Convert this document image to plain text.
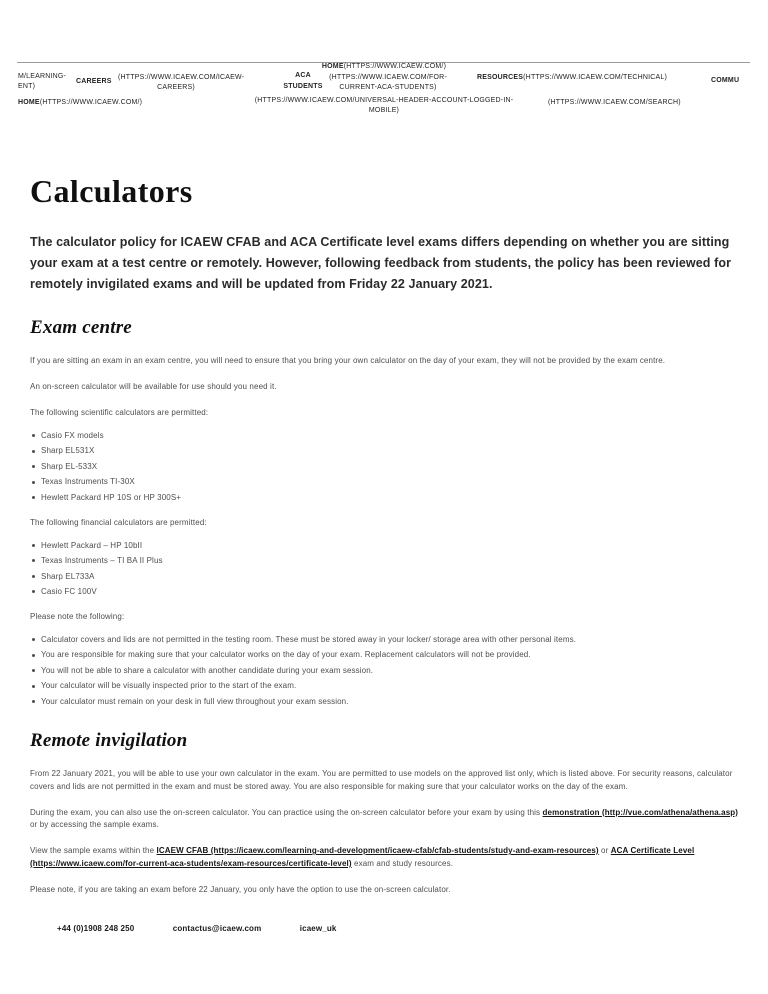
HOME(HTTPS://WWW.ICAEW.COM/)
M/LEARNING-
ENT)
CAREERS
(HTTPS://WWW.ICAEW.COM/ICAEW-
CAREERS)
ACA
STUDENTS
(HTTPS://WWW.ICAEW.COM/FOR-
CURRENT-ACA-STUDENTS)
RESOURCES(HTTPS://WWW.ICAEW.COM/TECHNICAL)	COMMU
HOME(HTTPS://WWW.ICAEW.COM/)	(HTTPS://WWW.ICAEW.COM/UNIVERSAL-HEADER-ACCOUNT-LOGGED-IN-
MOBILE)
(HTTPS://WWW.ICAEW.COM/SEARCH)
Calculators

The calculator policy for ICAEW CFAB and ACA Certificate level exams differs depending on whether you are sitting your exam at a test centre or remotely. However, following feedback from students, the policy has been reviewed for remotely invigilated exams and will be updated from Friday 22 January 2021.

Exam centre

If you are sitting an exam in an exam centre, you will need to ensure that you bring your own calculator on the day of your exam, they will not be provided by the exam centre.

An on-screen calculator will be available for use should you need it.

The following scientific calculators are permitted:

Casio FX models
Sharp EL531X
Sharp EL-533X
Texas Instruments TI-30X
Hewlett Packard HP 10S or HP 300S+

The following financial calculators are permitted:

Hewlett Packard – HP 10bII
Texas Instruments – TI BA II Plus
Sharp EL733A
Casio FC 100V

Please note the following:

Calculator covers and lids are not permitted in the testing room. These must be stored away in your locker/ storage area with other personal items.
You are responsible for making sure that your calculator works on the day of your exam. Replacement calculators will not be provided.
You will not be able to share a calculator with another candidate during your exam session.
Your calculator will be visually inspected prior to the start of the exam.
Your calculator must remain on your desk in full view throughout your exam session.
Remote invigilation

From 22 January 2021, you will be able to use your own calculator in the exam. You are permitted to use models on the approved list only, which is listed above. For security reasons, calculator covers and lids are not permitted in the exam and must be stored away. You are also responsible for making sure that your calculator works on the day of the exam.

During the exam, you can also use the on-screen calculator. You can practice using the on-screen calculator before your exam by using this demonstration (http://vue.com/athena/athena.asp) or by accessing the sample exams.

View the sample exams within the ICAEW CFAB (https://icaew.com/learning-and-development/icaew-cfab/cfab-students/study-and-exam-resources) or ACA Certificate Level (https://www.icaew.com/for-current-aca-students/exam-resources/certificate-level) exam and study resources.

Please note, if you are taking an exam before 22 January, you only have the option to use the on-screen calculator.

+44 (0)1908 248 250	contactus@icaew.com	icaew_uk
